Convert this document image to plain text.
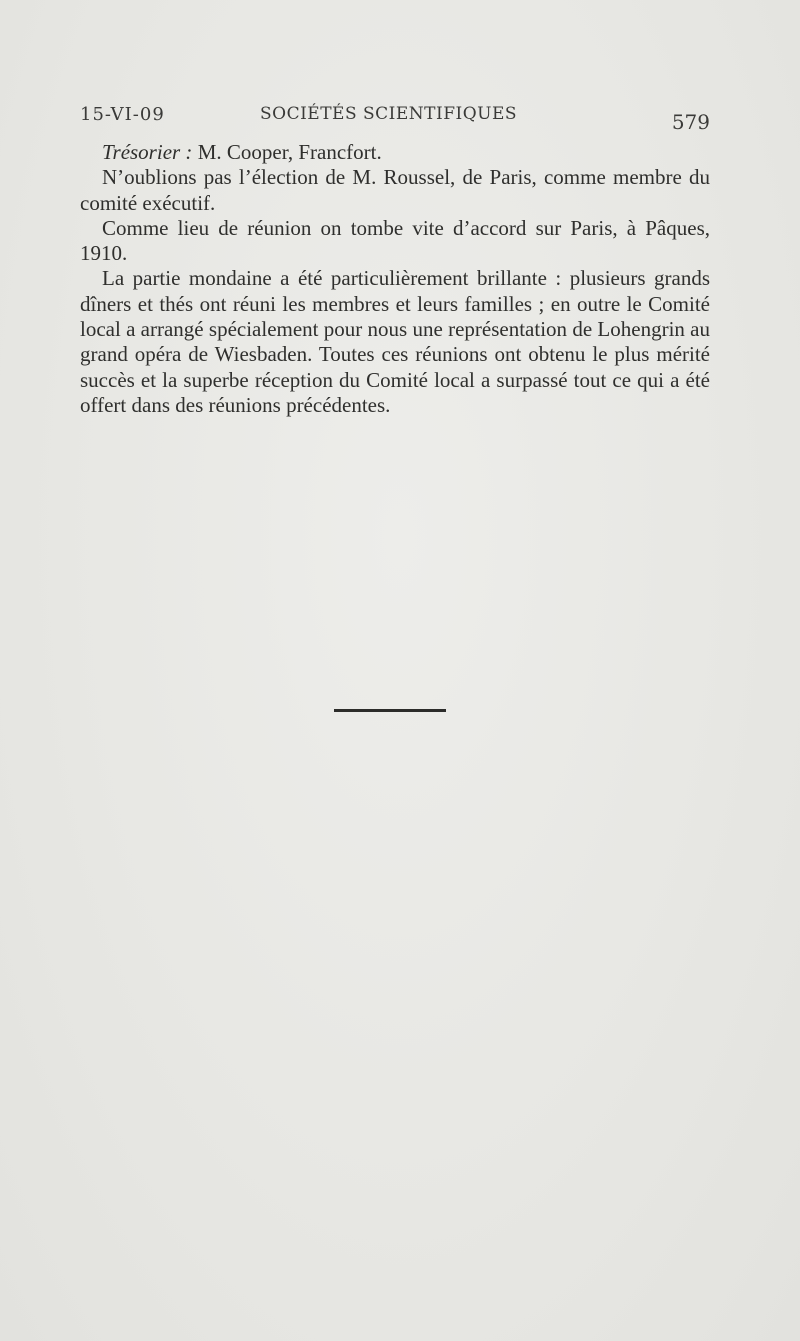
15-VI-09	SOCIÉTÉS SCIENTIFIQUES	579

Trésorier : M. Cooper, Francfort.

N’oublions pas l’élection de M. Roussel, de Paris, comme membre du comité exécutif.

Comme lieu de réunion on tombe vite d’accord sur Paris, à Pâques, 1910.

La partie mondaine a été particulièrement brillante : plusieurs grands dîners et thés ont réuni les membres et leurs familles ; en outre le Comité local a arrangé spécialement pour nous une représentation de Lohengrin au grand opéra de Wiesbaden. Toutes ces réunions ont obtenu le plus mérité succès et la superbe réception du Comité local a surpassé tout ce qui a été offert dans des réunions précédentes.
